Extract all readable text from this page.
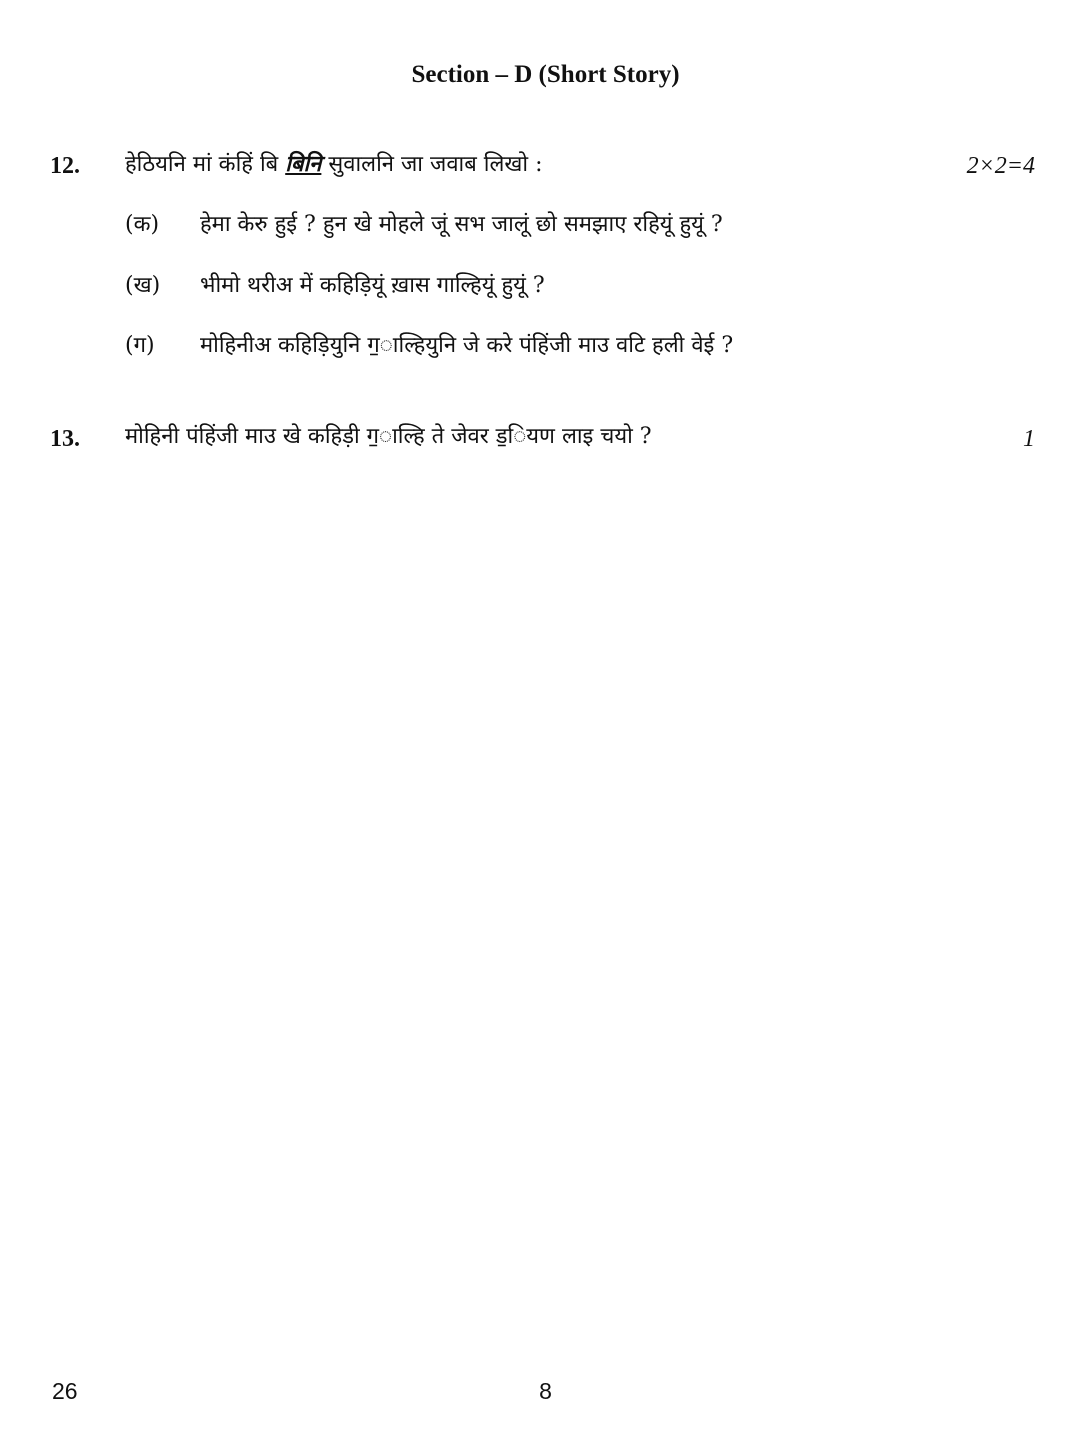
Section – D (Short Story)
12. हेठियनि मां कंहिं बि बिनि सुवालनि जा जवाब लिखो :	2×2=4
(क) हेमा केरु हुई ? हुन खे मोहले जूं सभ जालूं छो समझाए रहियूं हुयूं ?
(ख) भीमो थरीअ में कहिड़ियूं ख़ास गाल्हियूं हुयूं ?
(ग) मोहिनीअ कहिड़ियुनि ग॒ाल्हियुनि जे करे पंहिंजी माउ वटि हली वेई ?
13. मोहिनी पंहिंजी माउ खे कहिड़ी ग॒ाल्हि ते जेवर ड॒ियण लाइ चयो ?	1
26	8
